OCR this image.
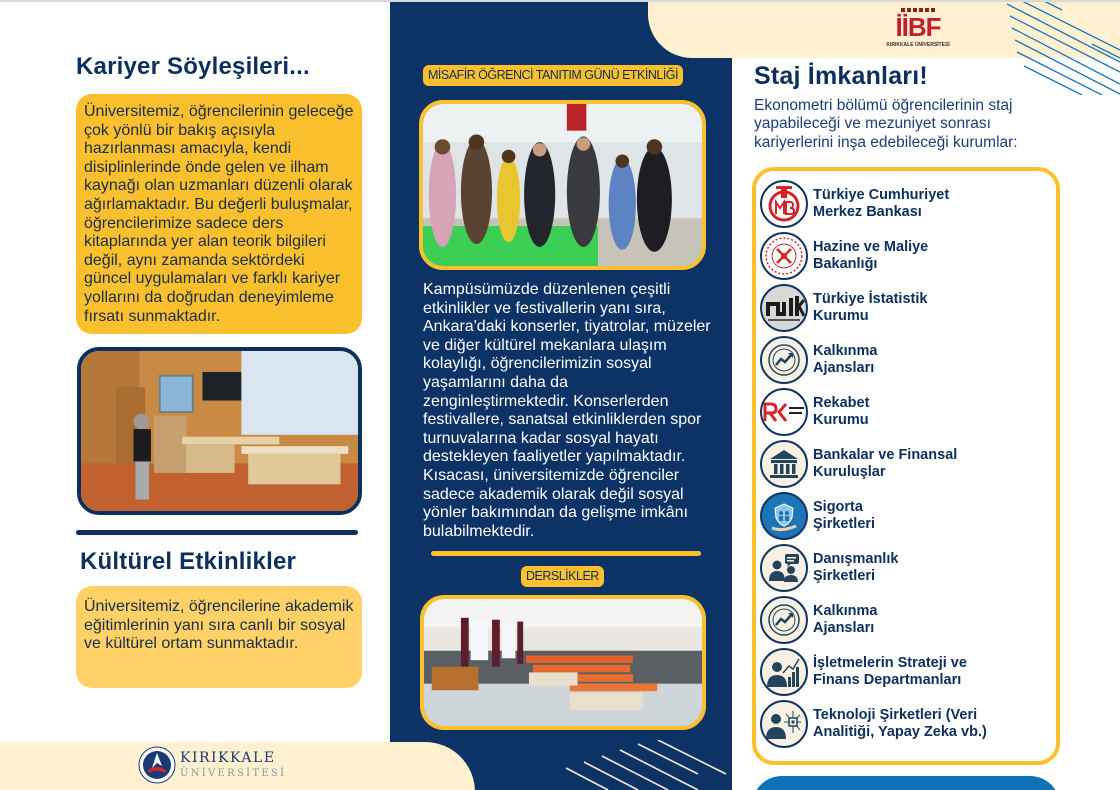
Kariyer Söyleşileri...

Üniversitemiz, öğrencilerinin geleceğe çok yönlü bir bakış açısıyla hazırlanması amacıyla, kendi disiplinlerinde önde gelen ve ilham kaynağı olan uzmanları düzenli olarak ağırlamaktadır. Bu değerli buluşmalar, öğrencilerimize sadece ders kitaplarında yer alan teorik bilgileri değil, aynı zamanda sektördeki güncel uygulamaları ve farklı kariyer yollarını da doğrudan deneyimleme fırsatı sunmaktadır.

Kültürel Etkinlikler

Üniversitemiz, öğrencilerine akademik eğitimlerinin yanı sıra canlı bir sosyal ve kültürel ortam sunmaktadır.

KIRIKKALE
ÜNİVERSİTESİ
MİSAFİR ÖĞRENCİ TANITIM GÜNÜ ETKİNLİĞİ

Kampüsümüzde düzenlenen çeşitli etkinlikler ve festivallerin yanı sıra, Ankara'daki konserler, tiyatrolar, müzeler ve diğer kültürel mekanlara ulaşım kolaylığı, öğrencilerimizin sosyal yaşamlarını daha da zenginleştirmektedir. Konserlerden festivallere, sanatsal etkinliklerden spor turnuvalarına kadar sosyal hayatı destekleyen faaliyetler yapılmaktadır. Kısacası, üniversitemizde öğrenciler sadece akademik olarak değil sosyal yönler bakımından da gelişme imkânı bulabilmektedir.

DERSLİKLER
İİBF
KIRIKKALE ÜNİVERSİTESİ
Staj İmkanları!

Ekonometri bölümü öğrencilerinin staj yapabileceği ve mezuniyet sonrası kariyerlerini inşa edebileceği kurumlar:

Türkiye Cumhuriyet
Merkez Bankası
Hazine ve Maliye
Bakanlığı
Türkiye İstatistik
Kurumu
Kalkınma
Ajansları
Rekabet
Kurumu
Bankalar ve Finansal
Kuruluşlar
Sigorta
Şirketleri
Danışmanlık
Şirketleri
Kalkınma
Ajansları
İşletmelerin Strateji ve
Finans Departmanları
Teknoloji Şirketleri (Veri
Analitiği, Yapay Zeka vb.)
